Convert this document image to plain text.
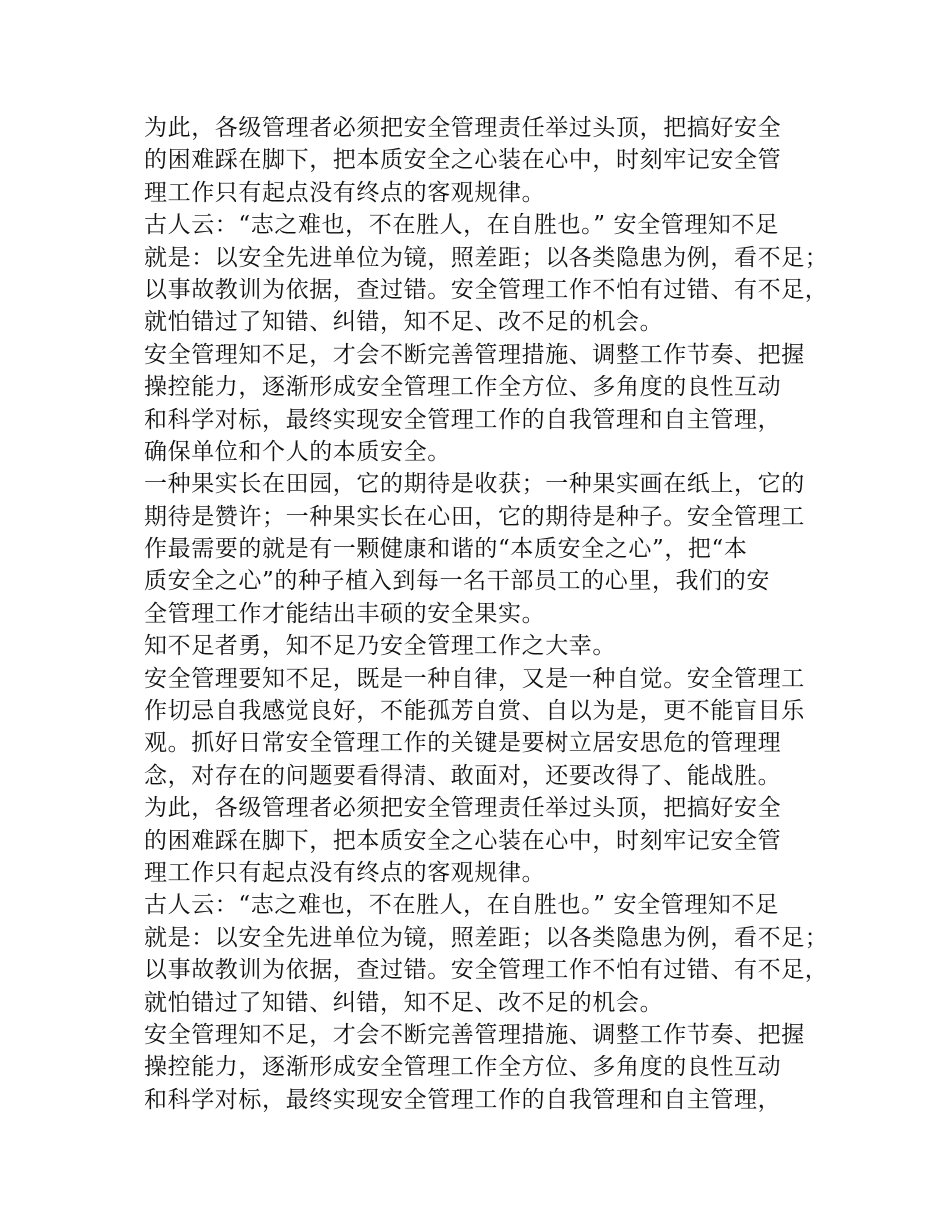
为此，各级管理者必须把安全管理责任举过头顶，把搞好安全
的困难踩在脚下，把本质安全之心装在心中，时刻牢记安全管
理工作只有起点没有终点的客观规律。

古人云：“志之难也，不在胜人，在自胜也。” 安全管理知不足
就是：以安全先进单位为镜，照差距；以各类隐患为例，看不足；
以事故教训为依据，查过错。安全管理工作不怕有过错、有不足，
就怕错过了知错、纠错，知不足、改不足的机会。

安全管理知不足，才会不断完善管理措施、调整工作节奏、把握
操控能力，逐渐形成安全管理工作全方位、多角度的良性互动
和科学对标，最终实现安全管理工作的自我管理和自主管理，
确保单位和个人的本质安全。

一种果实长在田园，它的期待是收获；一种果实画在纸上，它的
期待是赞许；一种果实长在心田，它的期待是种子。安全管理工
作最需要的就是有一颗健康和谐的“本质安全之心”，把“本
质安全之心”的种子植入到每一名干部员工的心里，我们的安
全管理工作才能结出丰硕的安全果实。

知不足者勇，知不足乃安全管理工作之大幸。

安全管理要知不足，既是一种自律，又是一种自觉。安全管理工
作切忌自我感觉良好，不能孤芳自赏、自以为是，更不能盲目乐
观。抓好日常安全管理工作的关键是要树立居安思危的管理理
念，对存在的问题要看得清、敢面对，还要改得了、能战胜。

为此，各级管理者必须把安全管理责任举过头顶，把搞好安全
的困难踩在脚下，把本质安全之心装在心中，时刻牢记安全管
理工作只有起点没有终点的客观规律。

古人云：“志之难也，不在胜人，在自胜也。” 安全管理知不足
就是：以安全先进单位为镜，照差距；以各类隐患为例，看不足；
以事故教训为依据，查过错。安全管理工作不怕有过错、有不足，
就怕错过了知错、纠错，知不足、改不足的机会。

安全管理知不足，才会不断完善管理措施、调整工作节奏、把握
操控能力，逐渐形成安全管理工作全方位、多角度的良性互动
和科学对标，最终实现安全管理工作的自我管理和自主管理，
